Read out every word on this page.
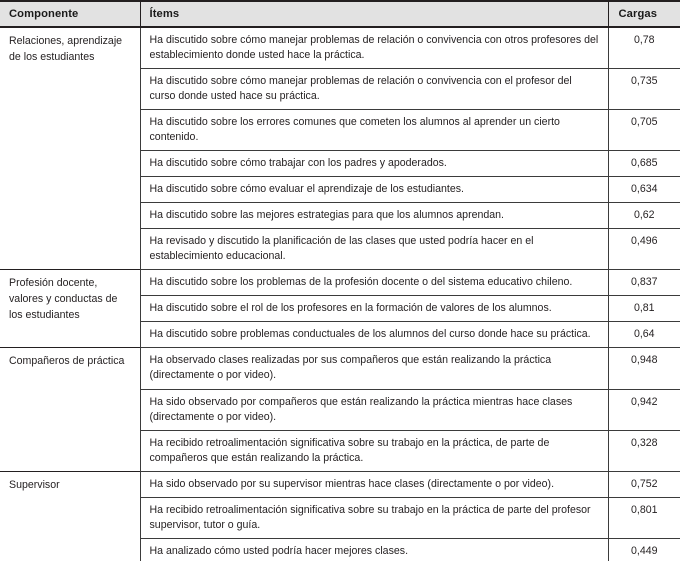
Componente	Ítems	Cargas
Relaciones, aprendizaje de los estudiantes	Ha discutido sobre cómo manejar problemas de relación o convivencia con otros profesores del establecimiento donde usted hace la práctica.	0,78
	Ha discutido sobre cómo manejar problemas de relación o convivencia con el profesor del curso donde usted hace su práctica.	0,735
	Ha discutido sobre los errores comunes que cometen los alumnos al aprender un cierto contenido.	0,705
	Ha discutido sobre cómo trabajar con los padres y apoderados.	0,685
	Ha discutido sobre cómo evaluar el aprendizaje de los estudiantes.	0,634
	Ha discutido sobre las mejores estrategias para que los alumnos aprendan.	0,62
	Ha revisado y discutido la planificación de las clases que usted podría hacer en el establecimiento educacional.	0,496
Profesión docente, valores y conductas de los estudiantes	Ha discutido sobre los problemas de la profesión docente o del sistema educativo chileno.	0,837
	Ha discutido sobre el rol de los profesores en la formación de valores de los alumnos.	0,81
	Ha discutido sobre problemas conductuales de los alumnos del curso donde hace su práctica.	0,64
Compañeros de práctica	Ha observado clases realizadas por sus compañeros que están realizando la práctica (directamente o por video).	0,948
	Ha sido observado por compañeros que están realizando la práctica mientras hace clases (directamente o por video).	0,942
	Ha recibido retroalimentación significativa sobre su trabajo en la práctica, de parte de compañeros que están realizando la práctica.	0,328
Supervisor	Ha sido observado por su supervisor mientras hace clases (directamente o por video).	0,752
	Ha recibido retroalimentación significativa sobre su trabajo en la práctica de parte del profesor supervisor, tutor o guía.	0,801
	Ha analizado cómo usted podría hacer mejores clases.	0,449
